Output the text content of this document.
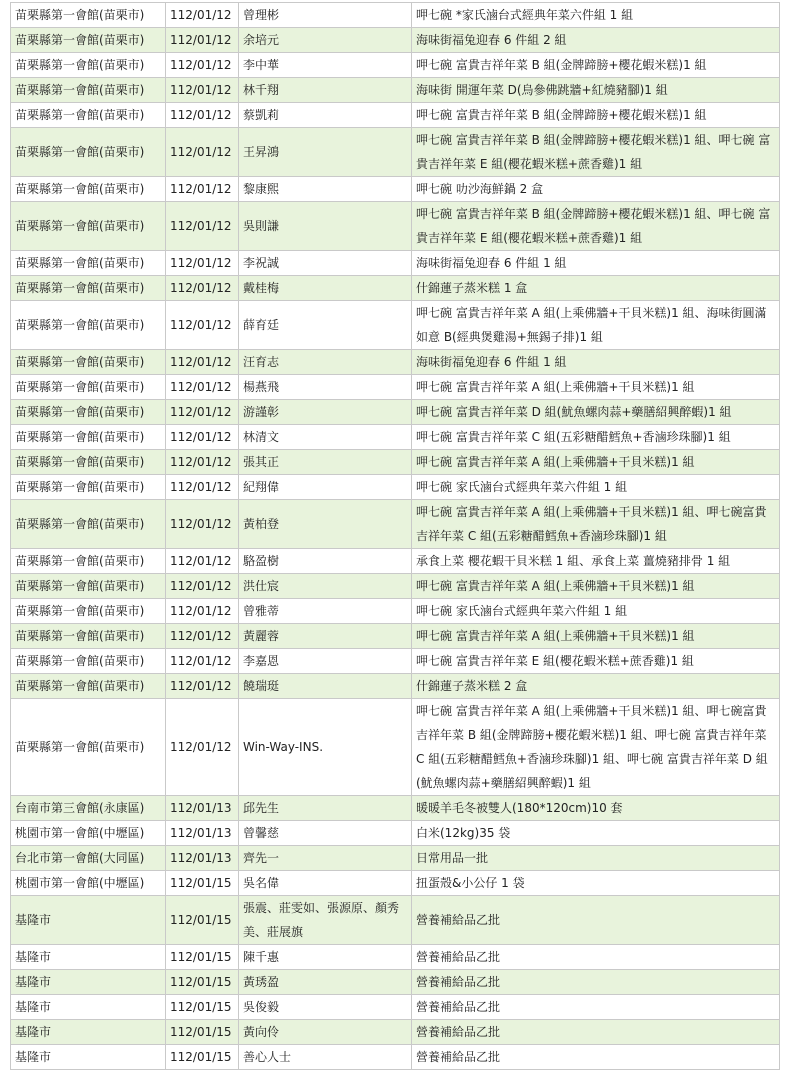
苗栗縣第一會館(苗栗市)	112/01/12	曾理彬	呷七碗 *家氏滷台式經典年菜六件組 1 組
苗栗縣第一會館(苗栗市)	112/01/12	余培元	海味街福兔迎春 6 件組 2 組
苗栗縣第一會館(苗栗市)	112/01/12	李中華	呷七碗 富貴吉祥年菜 B 組(金牌蹄膀+櫻花蝦米糕)1 組
苗栗縣第一會館(苗栗市)	112/01/12	林千翔	海味街 開運年菜 D(烏參佛跳牆+紅燒豬腳)1 組
苗栗縣第一會館(苗栗市)	112/01/12	蔡凱莉	呷七碗 富貴吉祥年菜 B 組(金牌蹄膀+櫻花蝦米糕)1 組
苗栗縣第一會館(苗栗市)	112/01/12	王昇鴻	呷七碗 富貴吉祥年菜 B 組(金牌蹄膀+櫻花蝦米糕)1 組、呷七碗 富貴吉祥年菜 E 組(櫻花蝦米糕+蔗香雞)1 組
苗栗縣第一會館(苗栗市)	112/01/12	黎康熙	呷七碗 叻沙海鮮鍋 2 盒
苗栗縣第一會館(苗栗市)	112/01/12	吳則謙	呷七碗 富貴吉祥年菜 B 組(金牌蹄膀+櫻花蝦米糕)1 組、呷七碗 富貴吉祥年菜 E 組(櫻花蝦米糕+蔗香雞)1 組
苗栗縣第一會館(苗栗市)	112/01/12	李祝誠	海味街福兔迎春 6 件組 1 組
苗栗縣第一會館(苗栗市)	112/01/12	戴桂梅	什錦蓮子蒸米糕 1 盒
苗栗縣第一會館(苗栗市)	112/01/12	薛育廷	呷七碗 富貴吉祥年菜 A 組(上乘佛牆+干貝米糕)1 組、海味街圓滿如意 B(經典煲雞湯+無錫子排)1 組
苗栗縣第一會館(苗栗市)	112/01/12	汪育志	海味街福兔迎春 6 件組 1 組
苗栗縣第一會館(苗栗市)	112/01/12	楊燕飛	呷七碗 富貴吉祥年菜 A 組(上乘佛牆+干貝米糕)1 組
苗栗縣第一會館(苗栗市)	112/01/12	游謹彰	呷七碗 富貴吉祥年菜 D 組(魷魚螺肉蒜+藥膳紹興醉蝦)1 組
苗栗縣第一會館(苗栗市)	112/01/12	林清文	呷七碗 富貴吉祥年菜 C 組(五彩糖醋鱈魚+香滷珍珠腳)1 組
苗栗縣第一會館(苗栗市)	112/01/12	張其正	呷七碗 富貴吉祥年菜 A 組(上乘佛牆+干貝米糕)1 組
苗栗縣第一會館(苗栗市)	112/01/12	紀翔偉	呷七碗 家氏滷台式經典年菜六件組 1 組
苗栗縣第一會館(苗栗市)	112/01/12	黃柏登	呷七碗 富貴吉祥年菜 A 組(上乘佛牆+干貝米糕)1 組、呷七碗富貴吉祥年菜 C 組(五彩糖醋鱈魚+香滷珍珠腳)1 組
苗栗縣第一會館(苗栗市)	112/01/12	駱盈樹	承食上菜 櫻花蝦干貝米糕 1 組、承食上菜 薑燒豬排骨 1 組
苗栗縣第一會館(苗栗市)	112/01/12	洪仕宸	呷七碗 富貴吉祥年菜 A 組(上乘佛牆+干貝米糕)1 組
苗栗縣第一會館(苗栗市)	112/01/12	曾雅蒂	呷七碗 家氏滷台式經典年菜六件組 1 組
苗栗縣第一會館(苗栗市)	112/01/12	黃麗蓉	呷七碗 富貴吉祥年菜 A 組(上乘佛牆+干貝米糕)1 組
苗栗縣第一會館(苗栗市)	112/01/12	李嘉恩	呷七碗 富貴吉祥年菜 E 組(櫻花蝦米糕+蔗香雞)1 組
苗栗縣第一會館(苗栗市)	112/01/12	饒瑞珽	什錦蓮子蒸米糕 2 盒
苗栗縣第一會館(苗栗市)	112/01/12	Win-Way-INS.	呷七碗 富貴吉祥年菜 A 組(上乘佛牆+干貝米糕)1 組、呷七碗富貴吉祥年菜 B 組(金牌蹄膀+櫻花蝦米糕)1 組、呷七碗 富貴吉祥年菜 C 組(五彩糖醋鱈魚+香滷珍珠腳)1 組、呷七碗 富貴吉祥年菜 D 組(魷魚螺肉蒜+藥膳紹興醉蝦)1 組
台南市第三會館(永康區)	112/01/13	邱先生	暖暖羊毛冬被雙人(180*120cm)10 套
桃園市第一會館(中壢區)	112/01/13	曾馨慈	白米(12kg)35 袋
台北市第一會館(大同區)	112/01/13	齊先一	日常用品一批
桃園市第一會館(中壢區)	112/01/15	吳名偉	扭蛋殼&小公仔 1 袋
基隆市	112/01/15	張震、莊雯如、張源原、顏秀美、莊展旗	營養補給品乙批
基隆市	112/01/15	陳千惠	營養補給品乙批
基隆市	112/01/15	黃琇盈	營養補給品乙批
基隆市	112/01/15	吳俊毅	營養補給品乙批
基隆市	112/01/15	黃向伶	營養補給品乙批
基隆市	112/01/15	善心人士	營養補給品乙批
